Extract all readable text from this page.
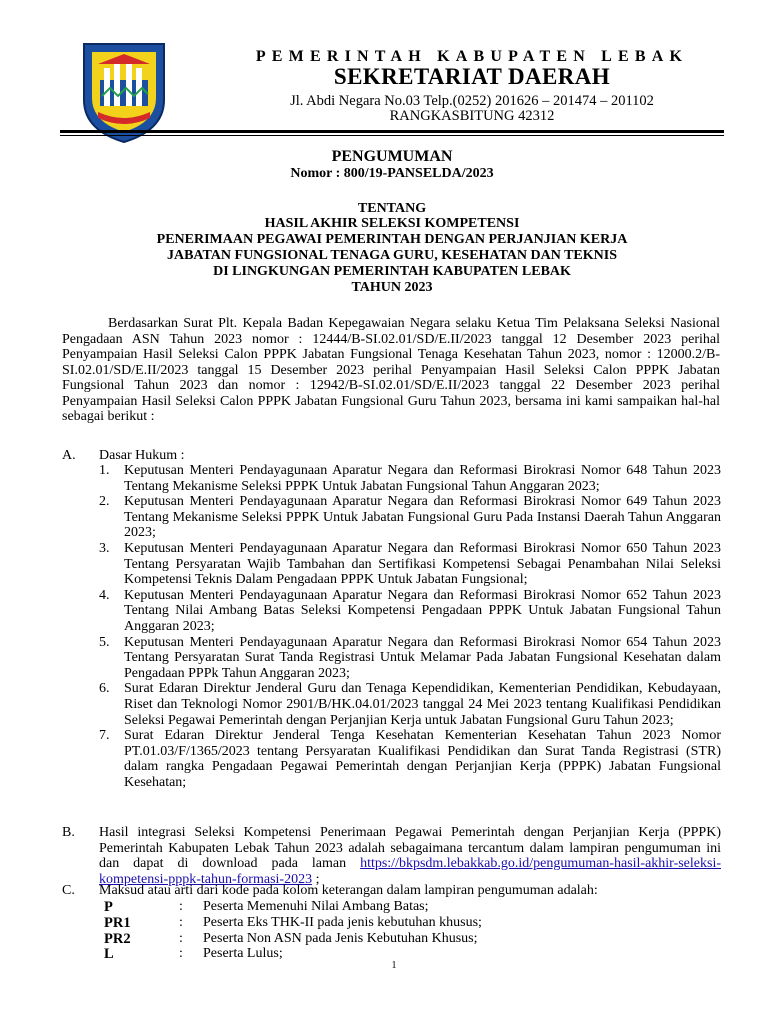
PEMERINTAH KABUPATEN LEBAK
SEKRETARIAT DAERAH
Jl. Abdi Negara No.03 Telp.(0252) 201626 – 201474 – 201102
RANGKASBITUNG 42312
PENGUMUMAN
Nomor : 800/19-PANSELDA/2023
TENTANG
HASIL AKHIR SELEKSI KOMPETENSI
PENERIMAAN PEGAWAI PEMERINTAH DENGAN PERJANJIAN KERJA
JABATAN FUNGSIONAL TENAGA GURU, KESEHATAN DAN TEKNIS
DI LINGKUNGAN PEMERINTAH KABUPATEN LEBAK
TAHUN 2023
Berdasarkan Surat Plt. Kepala Badan Kepegawaian Negara selaku Ketua Tim Pelaksana Seleksi Nasional Pengadaan ASN Tahun 2023 nomor : 12444/B-SI.02.01/SD/E.II/2023 tanggal 12 Desember 2023 perihal Penyampaian Hasil Seleksi Calon PPPK Jabatan Fungsional Tenaga Kesehatan Tahun 2023, nomor : 12000.2/B-SI.02.01/SD/E.II/2023 tanggal 15 Desember 2023 perihal Penyampaian Hasil Seleksi Calon PPPK Jabatan Fungsional Tahun 2023 dan nomor : 12942/B-SI.02.01/SD/E.II/2023 tanggal 22 Desember 2023 perihal Penyampaian Hasil Seleksi Calon PPPK Jabatan Fungsional Guru Tahun 2023, bersama ini kami sampaikan hal-hal sebagai berikut :
A. Dasar Hukum :
1. Keputusan Menteri Pendayagunaan Aparatur Negara dan Reformasi Birokrasi Nomor 648 Tahun 2023 Tentang Mekanisme Seleksi PPPK Untuk Jabatan Fungsional Tahun Anggaran 2023;
2. Keputusan Menteri Pendayagunaan Aparatur Negara dan Reformasi Birokrasi Nomor 649 Tahun 2023 Tentang Mekanisme Seleksi PPPK Untuk Jabatan Fungsional Guru Pada Instansi Daerah Tahun Anggaran 2023;
3. Keputusan Menteri Pendayagunaan Aparatur Negara dan Reformasi Birokrasi Nomor 650 Tahun 2023 Tentang Persyaratan Wajib Tambahan dan Sertifikasi Kompetensi Sebagai Penambahan Nilai Seleksi Kompetensi Teknis Dalam Pengadaan PPPK Untuk Jabatan Fungsional;
4. Keputusan Menteri Pendayagunaan Aparatur Negara dan Reformasi Birokrasi Nomor 652 Tahun 2023 Tentang Nilai Ambang Batas Seleksi Kompetensi Pengadaan PPPK Untuk Jabatan Fungsional Tahun Anggaran 2023;
5. Keputusan Menteri Pendayagunaan Aparatur Negara dan Reformasi Birokrasi Nomor 654 Tahun 2023 Tentang Persyaratan Surat Tanda Registrasi Untuk Melamar Pada Jabatan Fungsional Kesehatan dalam Pengadaan PPPk Tahun Anggaran 2023;
6. Surat Edaran Direktur Jenderal Guru dan Tenaga Kependidikan, Kementerian Pendidikan, Kebudayaan, Riset dan Teknologi Nomor 2901/B/HK.04.01/2023 tanggal 24 Mei 2023 tentang Kualifikasi Pendidikan Seleksi Pegawai Pemerintah dengan Perjanjian Kerja untuk Jabatan Fungsional Guru Tahun 2023;
7. Surat Edaran Direktur Jenderal Tenga Kesehatan Kementerian Kesehatan Tahun 2023 Nomor PT.01.03/F/1365/2023 tentang Persyaratan Kualifikasi Pendidikan dan Surat Tanda Registrasi (STR) dalam rangka Pengadaan Pegawai Pemerintah dengan Perjanjian Kerja (PPPK) Jabatan Fungsional Kesehatan;
B. Hasil integrasi Seleksi Kompetensi Penerimaan Pegawai Pemerintah dengan Perjanjian Kerja (PPPK) Pemerintah Kabupaten Lebak Tahun 2023 adalah sebagaimana tercantum dalam lampiran pengumuman ini dan dapat di download pada laman https://bkpsdm.lebakkab.go.id/pengumuman-hasil-akhir-seleksi-kompetensi-pppk-tahun-formasi-2023 ;
C. Maksud atau arti dari kode pada kolom keterangan dalam lampiran pengumuman adalah:
P	: Peserta Memenuhi Nilai Ambang Batas;
PR1	: Peserta Eks THK-II pada jenis kebutuhan khusus;
PR2	: Peserta Non ASN pada Jenis Kebutuhan Khusus;
L	: Peserta Lulus;
1
